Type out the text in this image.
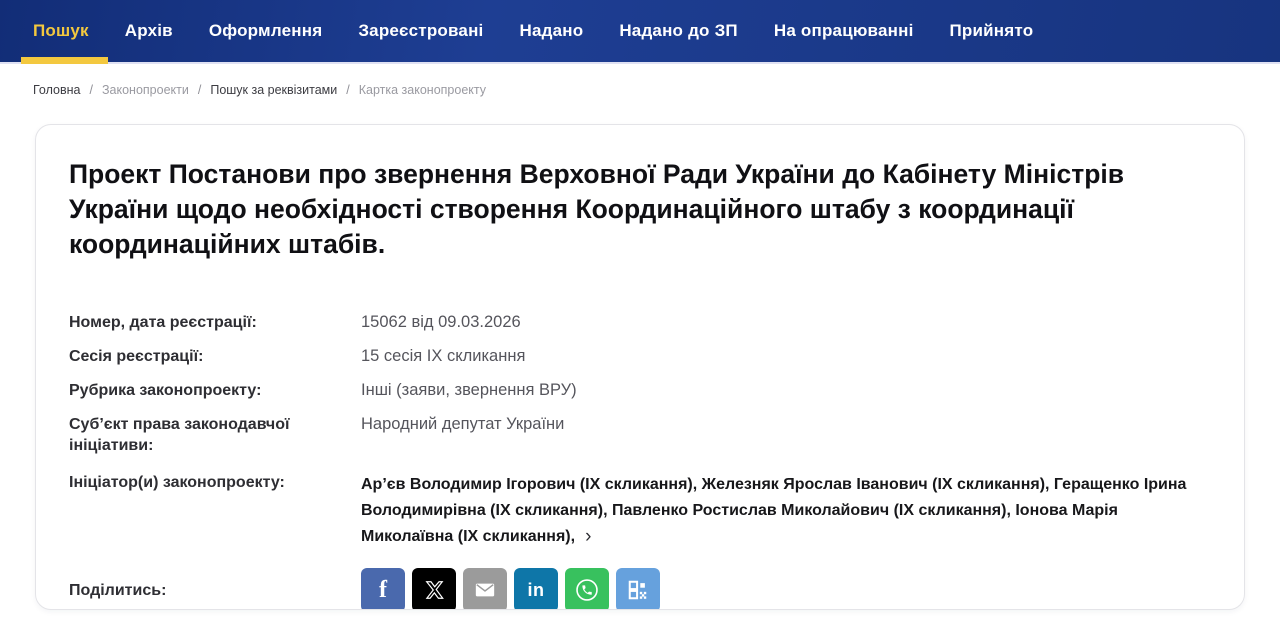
Пошук Архів Оформлення Зареєстровані Надано Надано до ЗП На опрацюванні Прийнято
Головна / Законопроекти / Пошук за реквізитами / Картка законопроекту
Проект Постанови про звернення Верховної Ради України до Кабінету Міністрів України щодо необхідності створення Координаційного штабу з координації координаційних штабів.
Номер, дата реєстрації:	15062 від 09.03.2026
Сесія реєстрації:	15 сесія ІХ скликання
Рубрика законопроекту:	Інші (заяви, звернення ВРУ)
Суб’єкт права законодавчої ініціативи:
Народний депутат України
Ініціатор(и) законопроекту:	Ар’єв Володимир Ігорович (ІХ скликання), Железняк Ярослав Іванович (ІХ скликання), Геращенко Ірина Володимирівна (ІХ скликання), Павленко Ростислав Миколайович (ІХ скликання), Іонова Марія Миколаївна (ІХ скликання), ›
Поділитись:	f	in
